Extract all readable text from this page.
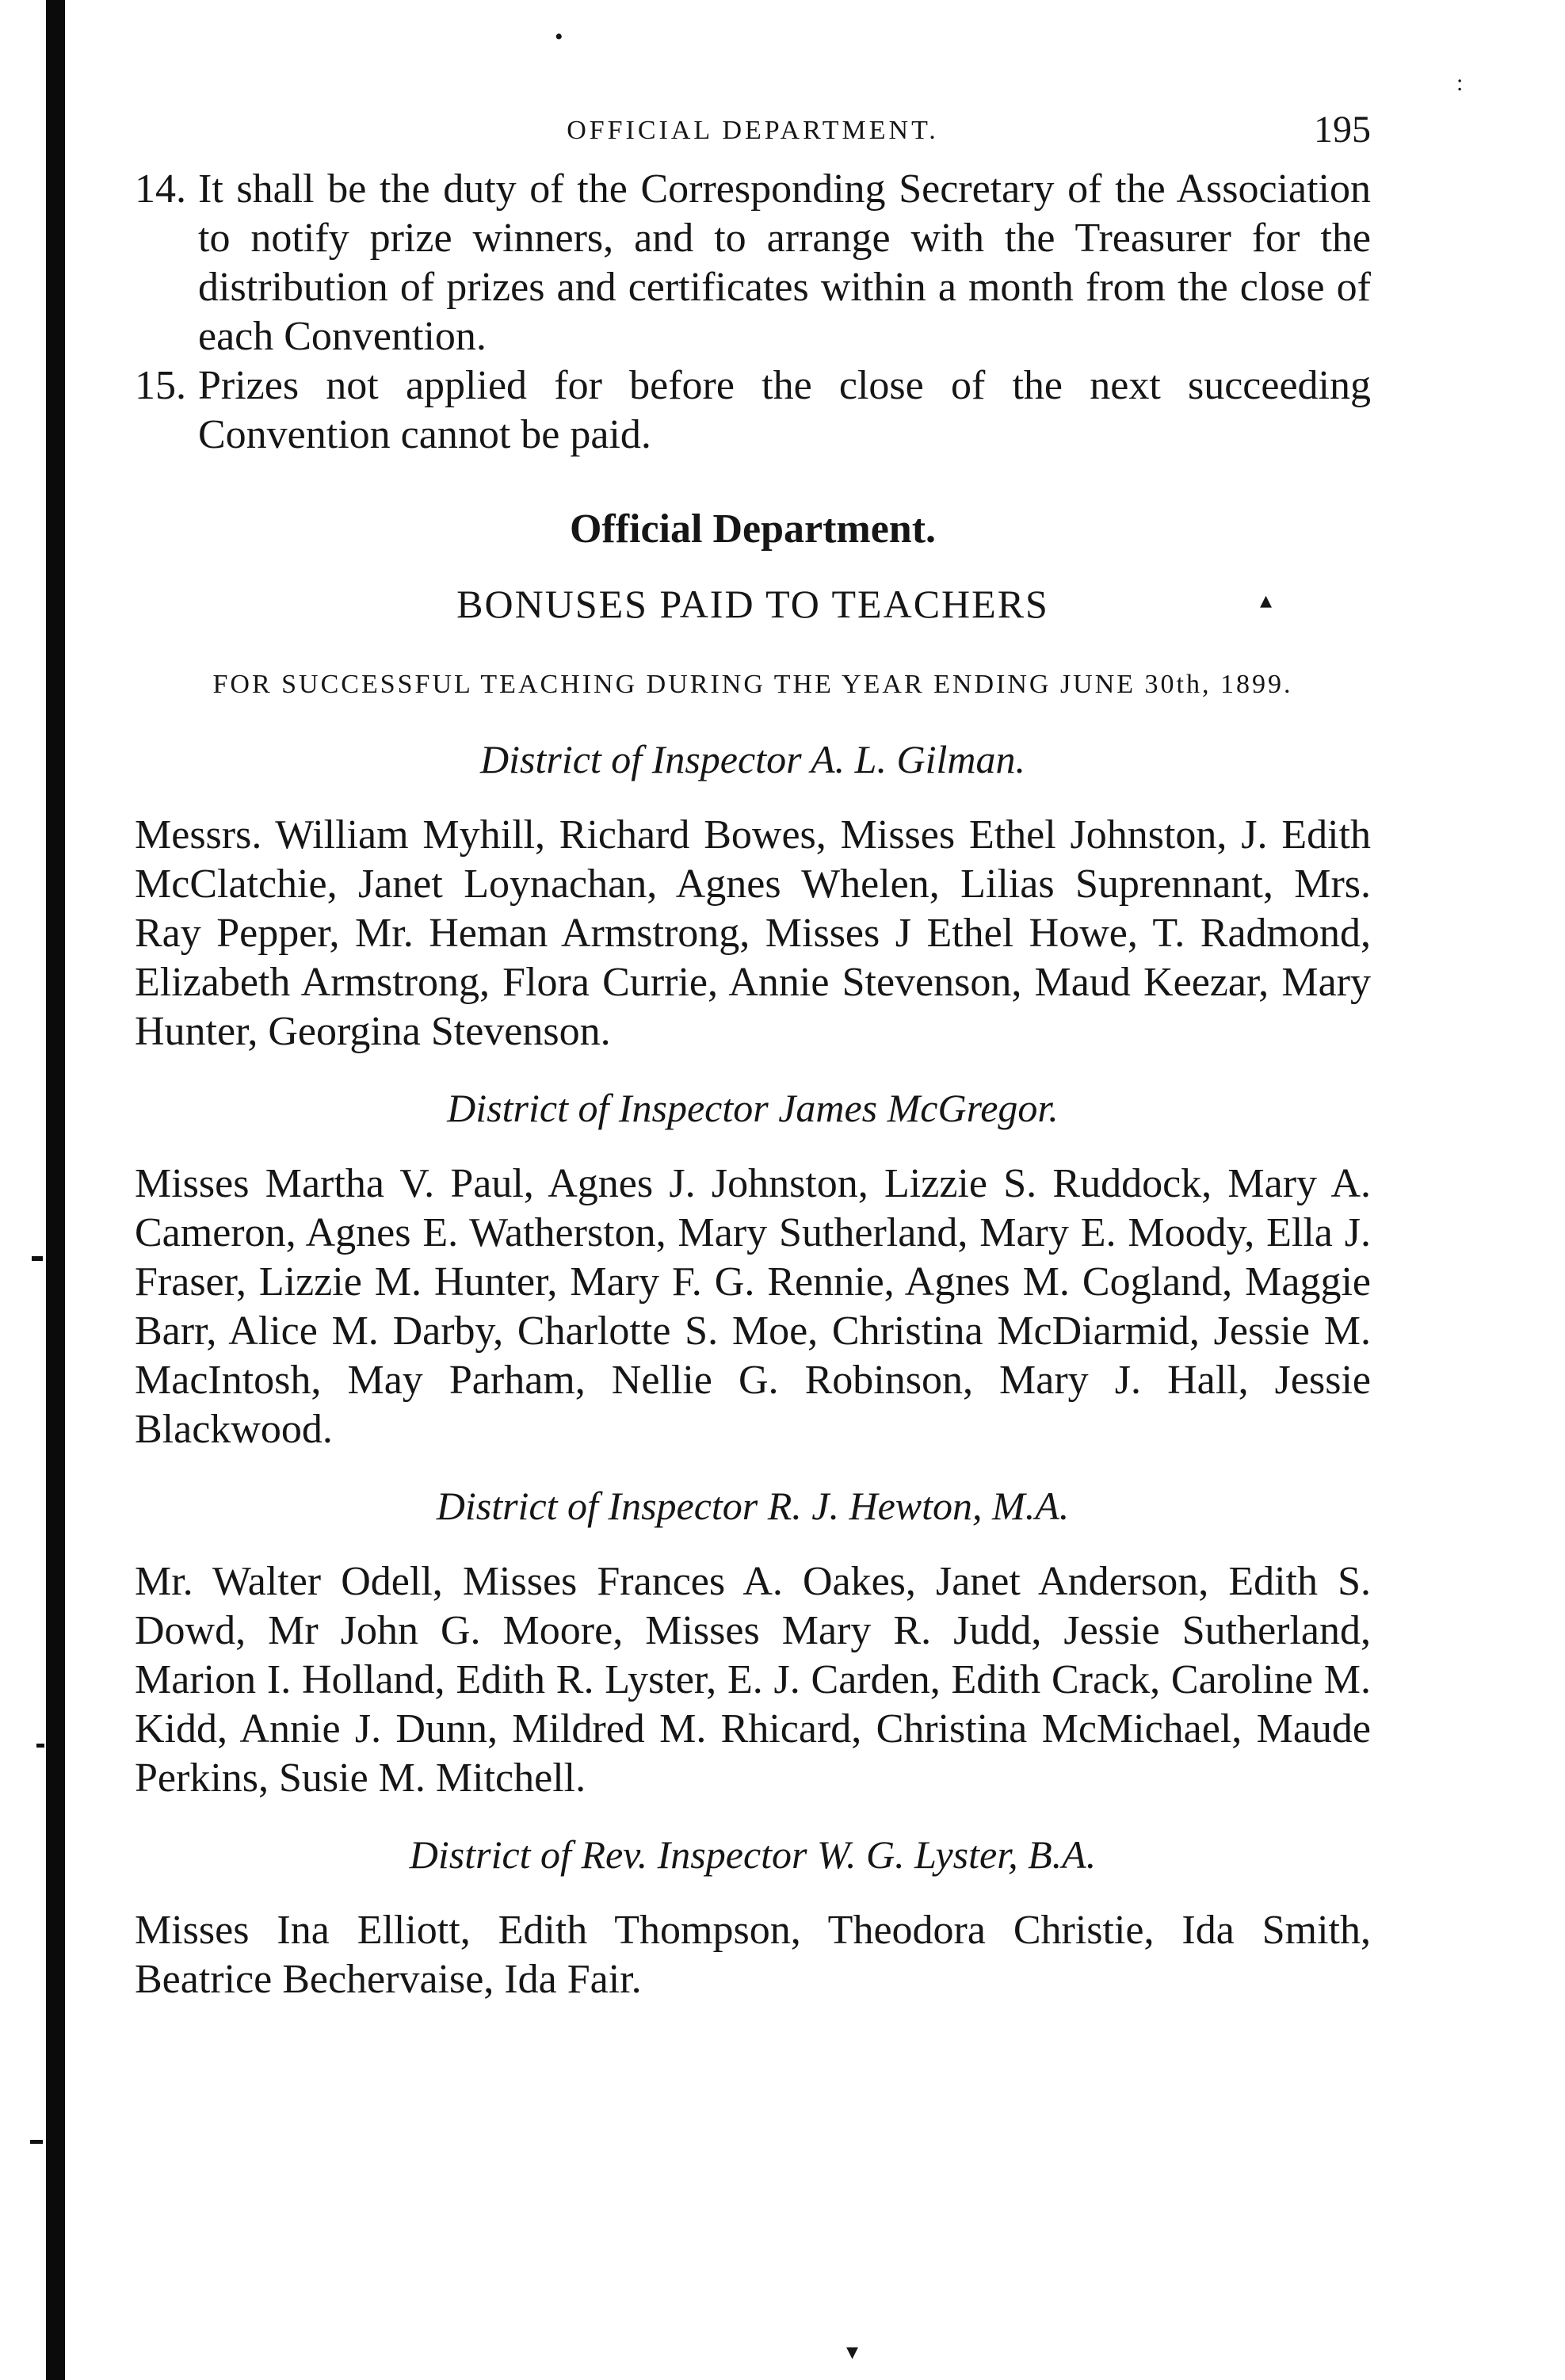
•
:
▴
▾
OFFICIAL DEPARTMENT.	195
14. It shall be the duty of the Corresponding Secretary of the Association to notify prize winners, and to arrange with the Treasurer for the distribution of prizes and certificates within a month from the close of each Convention.
15. Prizes not applied for before the close of the next succeeding Convention cannot be paid.
Official Department.
BONUSES PAID TO TEACHERS
FOR SUCCESSFUL TEACHING DURING THE YEAR ENDING JUNE 30th, 1899.
District of Inspector A. L. Gilman.

Messrs. William Myhill, Richard Bowes, Misses Ethel Johnston, J. Edith McClatchie, Janet Loynachan, Agnes Whelen, Lilias Suprennant, Mrs. Ray Pepper, Mr. Heman Armstrong, Misses J Ethel Howe, T. Radmond, Elizabeth Armstrong, Flora Currie, Annie Stevenson, Maud Keezar, Mary Hunter, Georgina Stevenson.

District of Inspector James McGregor.

Misses Martha V. Paul, Agnes J. Johnston, Lizzie S. Ruddock, Mary A. Cameron, Agnes E. Watherston, Mary Sutherland, Mary E. Moody, Ella J. Fraser, Lizzie M. Hunter, Mary F. G. Rennie, Agnes M. Cogland, Maggie Barr, Alice M. Darby, Charlotte S. Moe, Christina McDiarmid, Jessie M. MacIntosh, May Parham, Nellie G. Robinson, Mary J. Hall, Jessie Blackwood.

District of Inspector R. J. Hewton, M.A.

Mr. Walter Odell, Misses Frances A. Oakes, Janet Anderson, Edith S. Dowd, Mr John G. Moore, Misses Mary R. Judd, Jessie Sutherland, Marion I. Holland, Edith R. Lyster, E. J. Carden, Edith Crack, Caroline M. Kidd, Annie J. Dunn, Mildred M. Rhicard, Christina McMichael, Maude Perkins, Susie M. Mitchell.

District of Rev. Inspector W. G. Lyster, B.A.

Misses Ina Elliott, Edith Thompson, Theodora Christie, Ida Smith, Beatrice Bechervaise, Ida Fair.
